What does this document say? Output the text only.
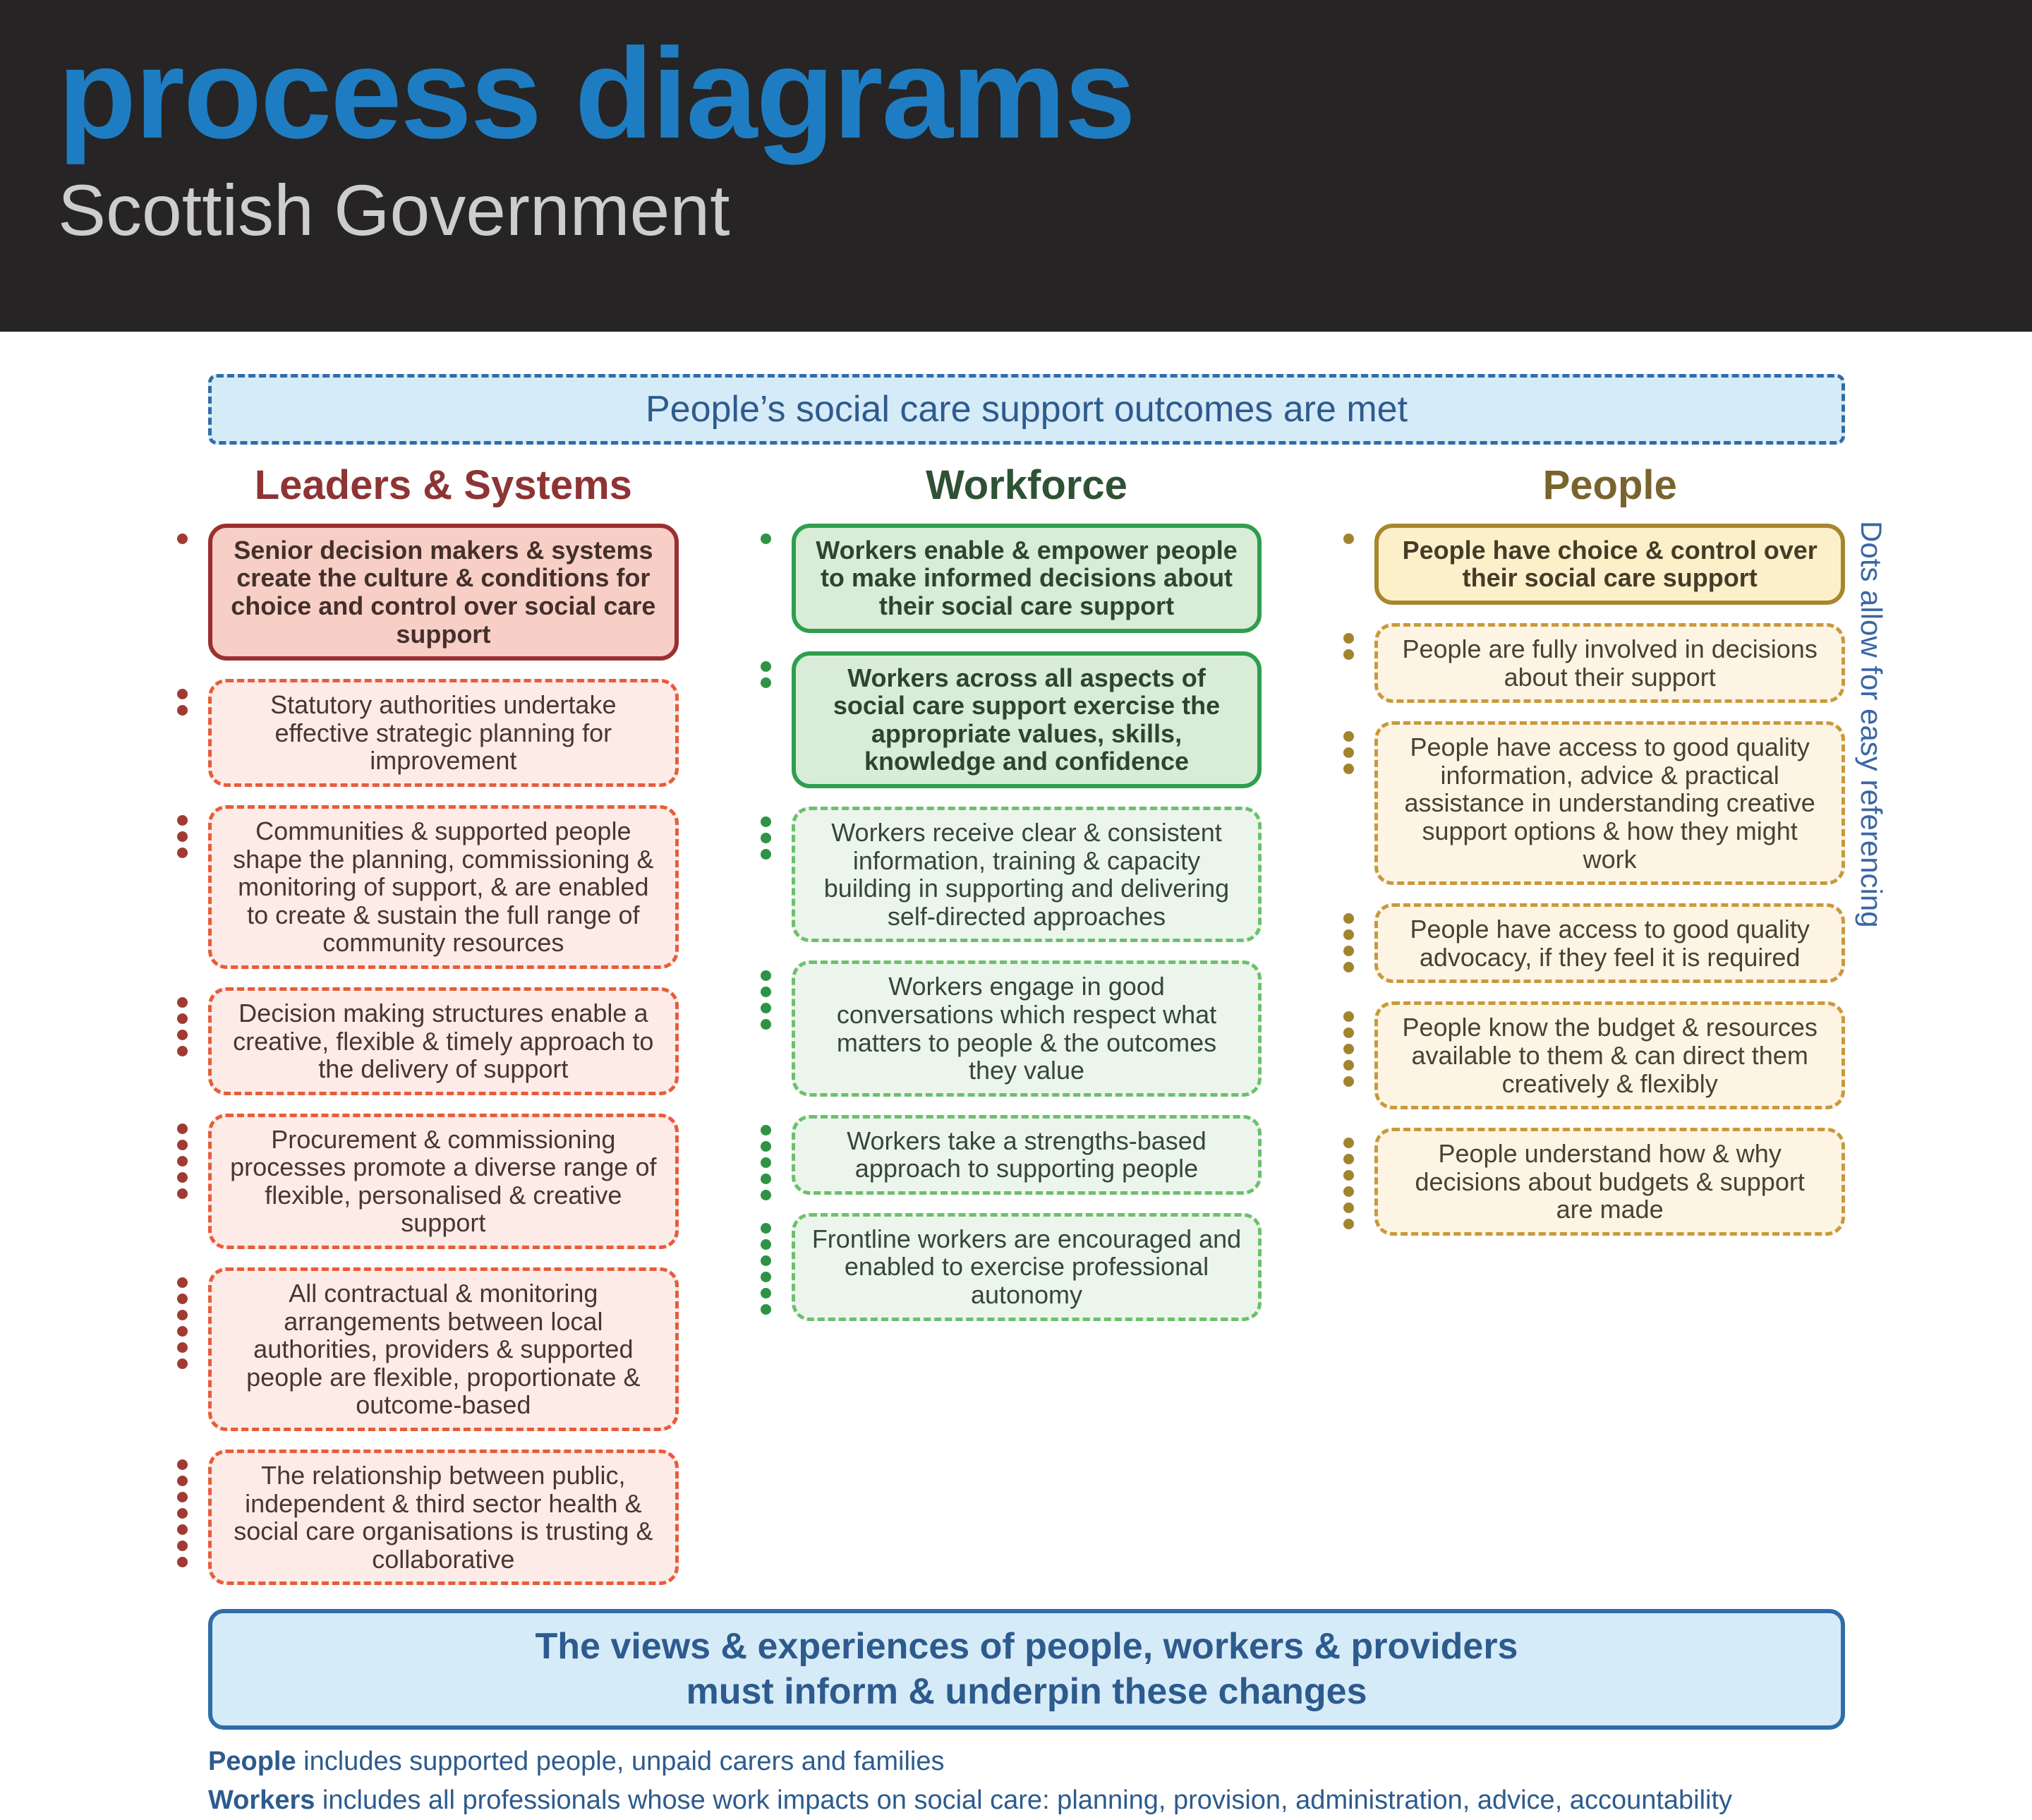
process diagrams
Scottish Government
People’s social care support outcomes are met
Leaders & Systems
Senior decision makers & systems create the culture & conditions for choice and control over social care support
Statutory authorities undertake effective strategic planning for improvement
Communities & supported people shape the planning, commissioning & monitoring of support, & are enabled to create & sustain the full range of community resources
Decision making structures enable a creative, flexible & timely approach to the delivery of support
Procurement & commissioning processes promote a diverse range of flexible, personalised & creative support
All contractual & monitoring arrangements between local authorities, providers & supported people are flexible, proportionate & outcome-based
The relationship between public, independent & third sector health & social care organisations is trusting & collaborative
Workforce
Workers enable & empower people to make informed decisions about their social care support
Workers across all aspects of social care support exercise the appropriate values, skills, knowledge and confidence
Workers receive clear & consistent information, training & capacity building in supporting and delivering self-directed approaches
Workers engage in good conversations which respect what matters to people & the outcomes they value
Workers take a strengths-based approach to supporting people
Frontline workers are encouraged and enabled to exercise professional autonomy
People
People have choice & control over their social care support
People are fully involved in decisions about their support
People have access to good quality information, advice & practical assistance in understanding creative support options & how they might work
People have access to good quality advocacy, if they feel it is required
People know the budget & resources available to them & can direct them creatively & flexibly
People understand how & why decisions about budgets & support are made
Dots allow for easy referencing
The views & experiences of people, workers & providers
must inform & underpin these changes
People includes supported people, unpaid carers and families
Workers includes all professionals whose work impacts on social care: planning, provision, administration, advice, accountability
